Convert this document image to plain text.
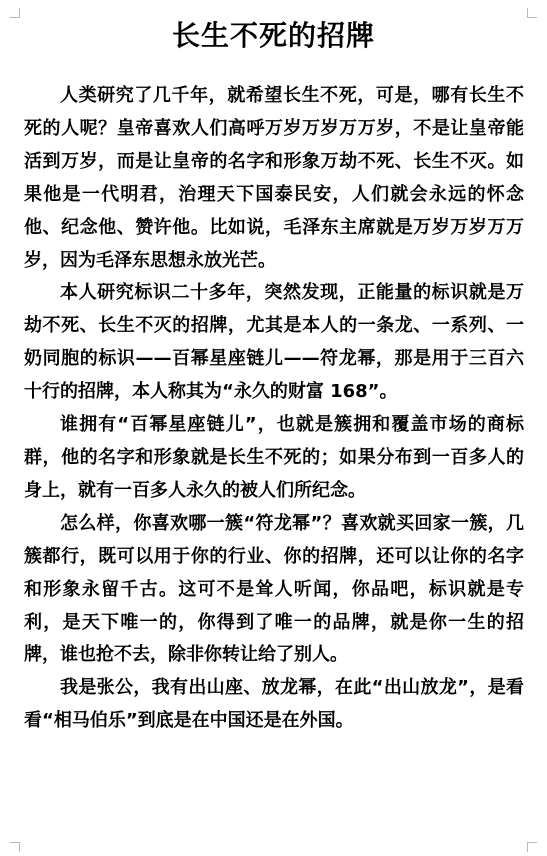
长生不死的招牌

人类研究了几千年，就希望长生不死，可是，哪有长生不死的人呢？皇帝喜欢人们高呼万岁万岁万万岁，不是让皇帝能活到万岁，而是让皇帝的名字和形象万劫不死、长生不灭。如果他是一代明君，治理天下国泰民安，人们就会永远的怀念他、纪念他、赞许他。比如说，毛泽东主席就是万岁万岁万万岁，因为毛泽东思想永放光芒。

本人研究标识二十多年，突然发现，正能量的标识就是万劫不死、长生不灭的招牌，尤其是本人的一条龙、一系列、一奶同胞的标识——百幂星座链儿——符龙幂，那是用于三百六十行的招牌，本人称其为“永久的财富 168”。

谁拥有“百幂星座链儿”，也就是簇拥和覆盖市场的商标群，他的名字和形象就是长生不死的；如果分布到一百多人的身上，就有一百多人永久的被人们所纪念。

怎么样，你喜欢哪一簇“符龙幂”？喜欢就买回家一簇，几簇都行，既可以用于你的行业、你的招牌，还可以让你的名字和形象永留千古。这可不是耸人听闻，你品吧，标识就是专利，是天下唯一的，你得到了唯一的品牌，就是你一生的招牌，谁也抢不去，除非你转让给了别人。

我是张公，我有出山座、放龙幂，在此“出山放龙”，是看看“相马伯乐”到底是在中国还是在外国。
